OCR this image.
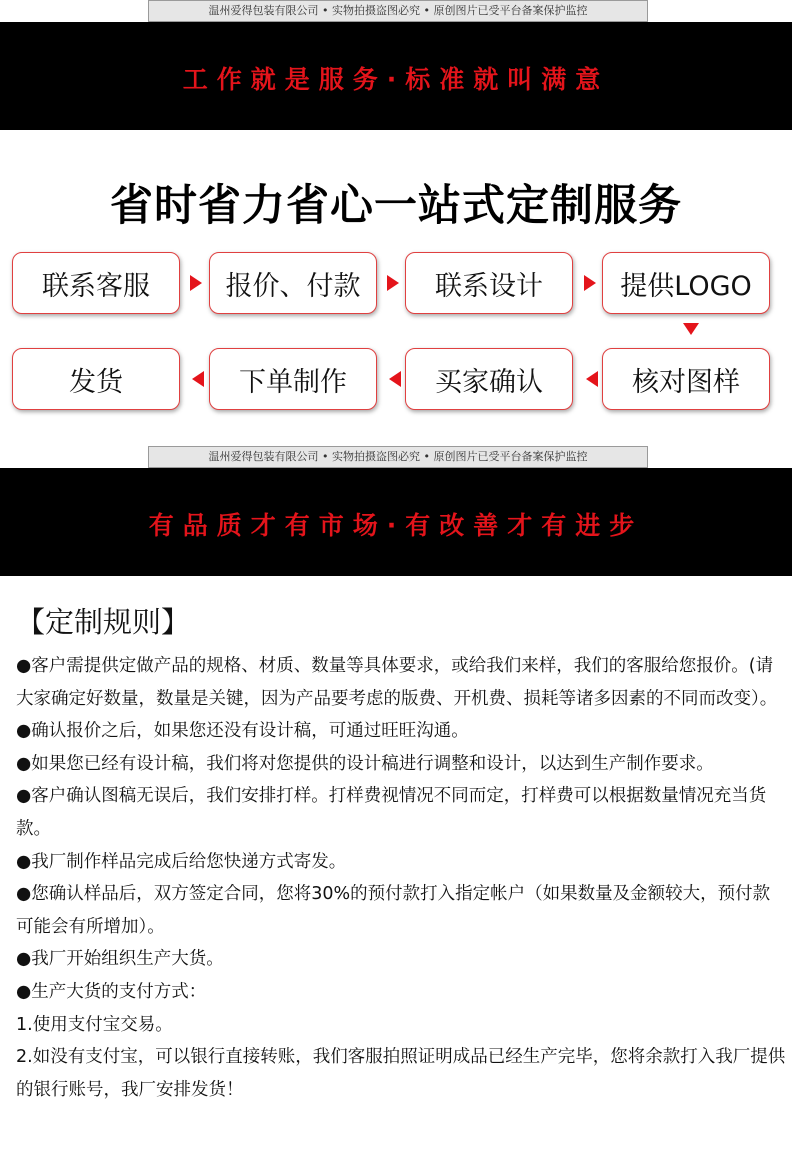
温州爱得包装有限公司 • 实物拍摄盗图必究 • 原创图片已受平台备案保护监控
工作就是服务·标准就叫满意
省时省力省心一站式定制服务
联系客服	报价、付款	联系设计	提供LOGO
核对图样
买家确认
下单制作
发货
温州爱得包装有限公司 • 实物拍摄盗图必究 • 原创图片已受平台备案保护监控
有品质才有市场·有改善才有进步
【定制规则】

●客户需提供定做产品的规格、材质、数量等具体要求，或给我们来样，我们的客服给您报价。(请大家确定好数量，数量是关键，因为产品要考虑的版费、开机费、损耗等诸多因素的不同而改变）。

●确认报价之后，如果您还没有设计稿，可通过旺旺沟通。

●如果您已经有设计稿，我们将对您提供的设计稿进行调整和设计，以达到生产制作要求。

●客户确认图稿无误后，我们安排打样。打样费视情况不同而定，打样费可以根据数量情况充当货款。

●我厂制作样品完成后给您快递方式寄发。

●您确认样品后，双方签定合同，您将30%的预付款打入指定帐户（如果数量及金额较大，预付款可能会有所增加）。

●我厂开始组织生产大货。

●生产大货的支付方式：

1.使用支付宝交易。

2.如没有支付宝，可以银行直接转账，我们客服拍照证明成品已经生产完毕，您将余款打入我厂提供的银行账号，我厂安排发货！
